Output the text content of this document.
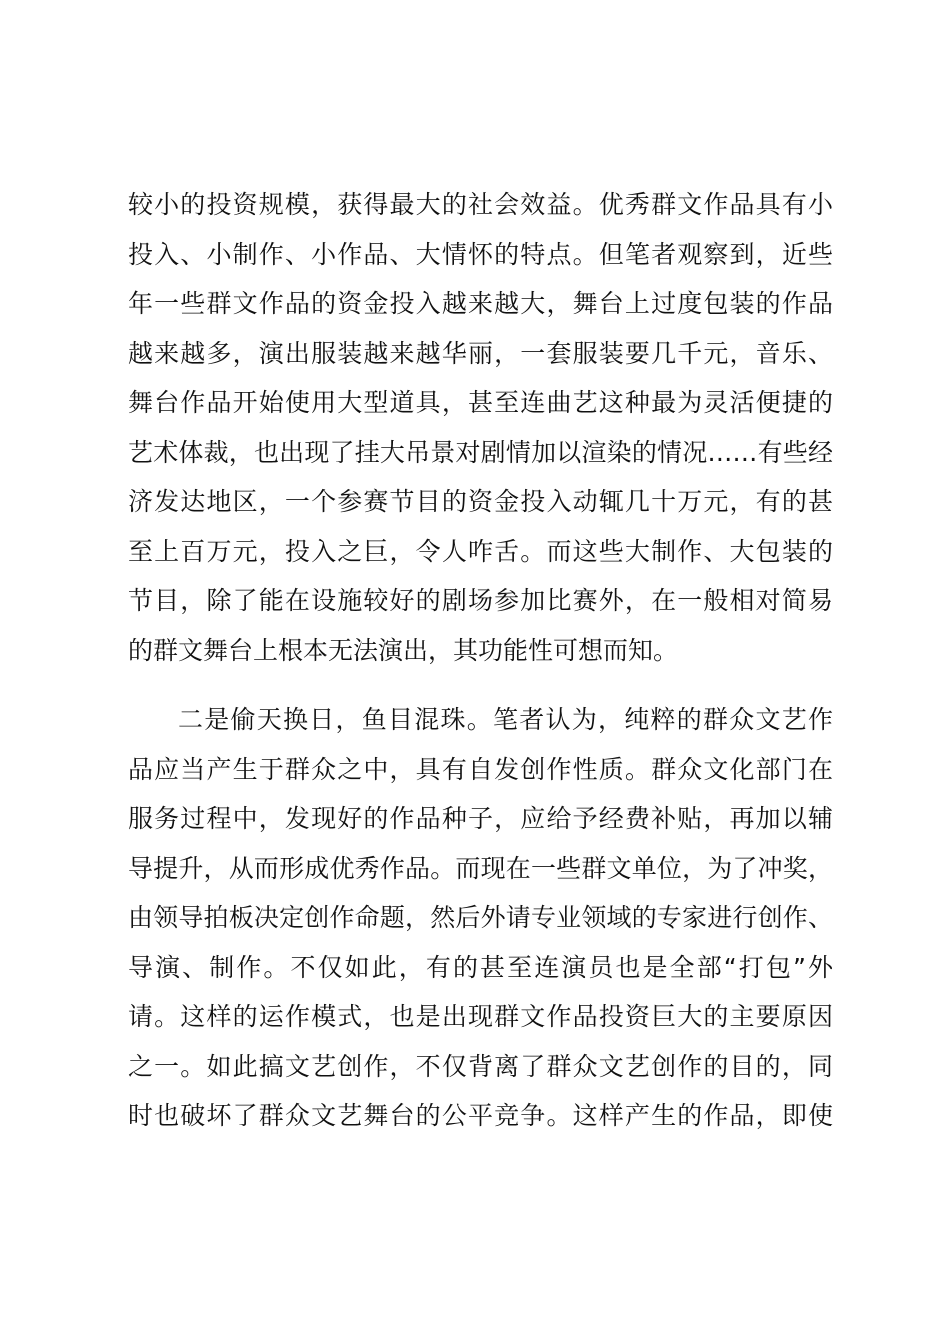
较小的投资规模，获得最大的社会效益。优秀群文作品具有小
投入、小制作、小作品、大情怀的特点。但笔者观察到，近些
年一些群文作品的资金投入越来越大，舞台上过度包装的作品
越来越多，演出服装越来越华丽，一套服装要几千元，音乐、
舞台作品开始使用大型道具，甚至连曲艺这种最为灵活便捷的
艺术体裁，也出现了挂大吊景对剧情加以渲染的情况……有些经
济发达地区，一个参赛节目的资金投入动辄几十万元，有的甚
至上百万元，投入之巨，令人咋舌。而这些大制作、大包装的
节目，除了能在设施较好的剧场参加比赛外，在一般相对简易
的群文舞台上根本无法演出，其功能性可想而知。
二是偷天换日，鱼目混珠。笔者认为，纯粹的群众文艺作
品应当产生于群众之中，具有自发创作性质。群众文化部门在
服务过程中，发现好的作品种子，应给予经费补贴，再加以辅
导提升，从而形成优秀作品。而现在一些群文单位，为了冲奖，
由领导拍板决定创作命题，然后外请专业领域的专家进行创作、
导演、制作。不仅如此，有的甚至连演员也是全部“打包”外
请。这样的运作模式，也是出现群文作品投资巨大的主要原因
之一。如此搞文艺创作，不仅背离了群众文艺创作的目的，同
时也破坏了群众文艺舞台的公平竞争。这样产生的作品，即使
